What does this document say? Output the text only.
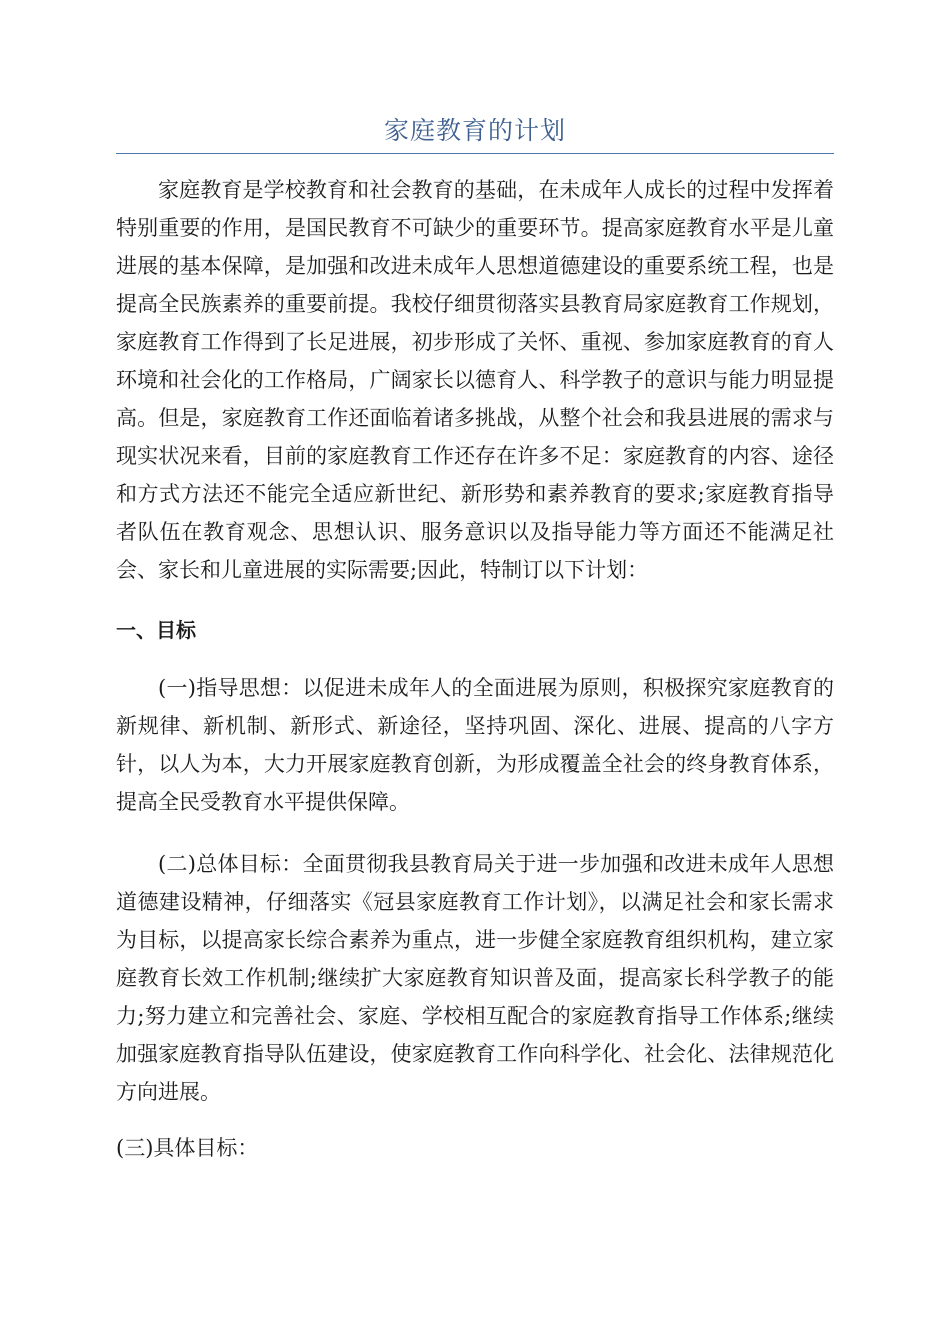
家庭教育的计划

家庭教育是学校教育和社会教育的基础，在未成年人成长的过程中发挥着特别重要的作用，是国民教育不可缺少的重要环节。提高家庭教育水平是儿童进展的基本保障，是加强和改进未成年人思想道德建设的重要系统工程，也是提高全民族素养的重要前提。我校仔细贯彻落实县教育局家庭教育工作规划，家庭教育工作得到了长足进展，初步形成了关怀、重视、参加家庭教育的育人环境和社会化的工作格局，广阔家长以德育人、科学教子的意识与能力明显提高。但是，家庭教育工作还面临着诸多挑战，从整个社会和我县进展的需求与现实状况来看，目前的家庭教育工作还存在许多不足：家庭教育的内容、途径和方式方法还不能完全适应新世纪、新形势和素养教育的要求;家庭教育指导者队伍在教育观念、思想认识、服务意识以及指导能力等方面还不能满足社会、家长和儿童进展的实际需要;因此，特制订以下计划：

一、目标

(一)指导思想：以促进未成年人的全面进展为原则，积极探究家庭教育的新规律、新机制、新形式、新途径，坚持巩固、深化、进展、提高的八字方针，以人为本，大力开展家庭教育创新，为形成覆盖全社会的终身教育体系，提高全民受教育水平提供保障。

(二)总体目标：全面贯彻我县教育局关于进一步加强和改进未成年人思想道德建设精神，仔细落实《冠县家庭教育工作计划》，以满足社会和家长需求为目标，以提高家长综合素养为重点，进一步健全家庭教育组织机构，建立家庭教育长效工作机制;继续扩大家庭教育知识普及面，提高家长科学教子的能力;努力建立和完善社会、家庭、学校相互配合的家庭教育指导工作体系;继续加强家庭教育指导队伍建设，使家庭教育工作向科学化、社会化、法律规范化方向进展。

(三)具体目标：
